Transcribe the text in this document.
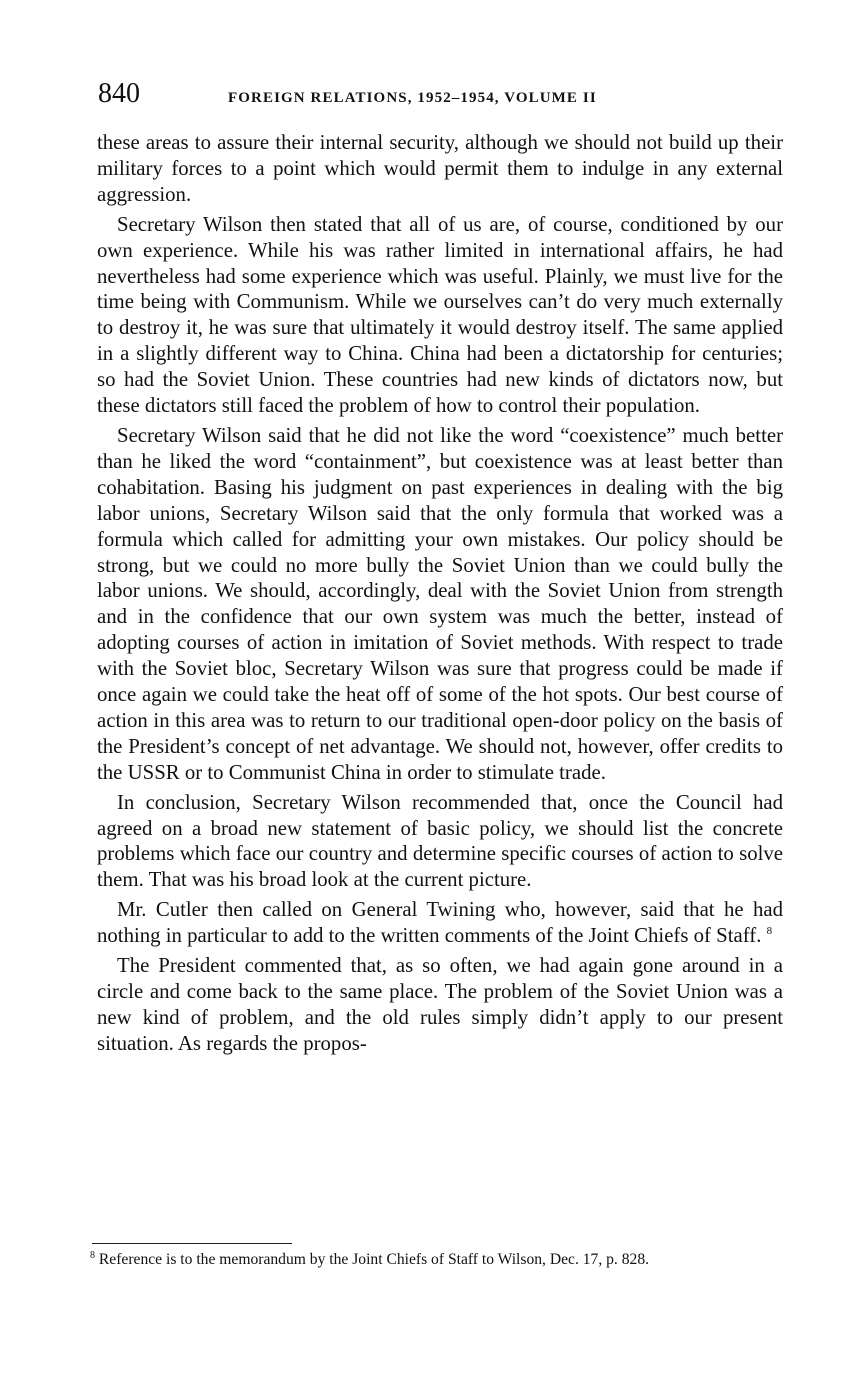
840	FOREIGN RELATIONS, 1952–1954, VOLUME II

these areas to assure their internal security, although we should not build up their military forces to a point which would permit them to indulge in any external aggression.

Secretary Wilson then stated that all of us are, of course, conditioned by our own experience. While his was rather limited in international affairs, he had nevertheless had some experience which was useful. Plainly, we must live for the time being with Communism. While we ourselves can’t do very much externally to destroy it, he was sure that ultimately it would destroy itself. The same applied in a slightly different way to China. China had been a dictatorship for centuries; so had the Soviet Union. These countries had new kinds of dictators now, but these dictators still faced the problem of how to control their population.

Secretary Wilson said that he did not like the word “coexistence” much better than he liked the word “containment”, but coexistence was at least better than cohabitation. Basing his judgment on past experiences in dealing with the big labor unions, Secretary Wilson said that the only formula that worked was a formula which called for admitting your own mistakes. Our policy should be strong, but we could no more bully the Soviet Union than we could bully the labor unions. We should, accordingly, deal with the Soviet Union from strength and in the confidence that our own system was much the better, instead of adopting courses of action in imitation of Soviet methods. With respect to trade with the Soviet bloc, Secretary Wilson was sure that progress could be made if once again we could take the heat off of some of the hot spots. Our best course of action in this area was to return to our traditional open-door policy on the basis of the President’s concept of net advantage. We should not, however, offer credits to the USSR or to Communist China in order to stimulate trade.

In conclusion, Secretary Wilson recommended that, once the Council had agreed on a broad new statement of basic policy, we should list the concrete problems which face our country and determine specific courses of action to solve them. That was his broad look at the current picture.

Mr. Cutler then called on General Twining who, however, said that he had nothing in particular to add to the written comments of the Joint Chiefs of Staff. $^8$

The President commented that, as so often, we had again gone around in a circle and come back to the same place. The problem of the Soviet Union was a new kind of problem, and the old rules simply didn’t apply to our present situation. As regards the propos-

$^8$ Reference is to the memorandum by the Joint Chiefs of Staff to Wilson, Dec. 17, p. 828.
